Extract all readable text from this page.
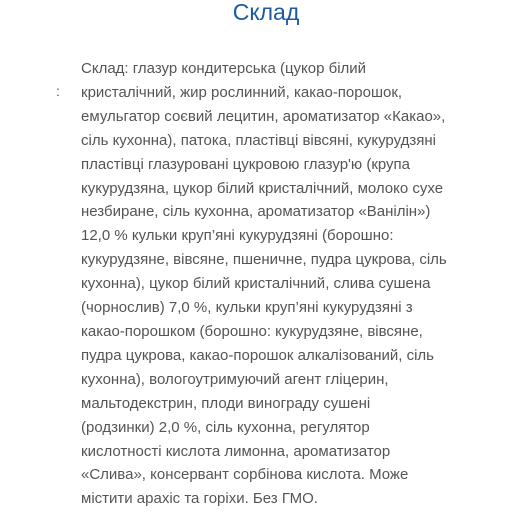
Склад
:
Склад: глазур кондитерська (цукор білий
кристалічний, жир рослинний, какао-порошок,
емульгатор соєвий лецитин, ароматизатор «Какао»,
сіль кухонна), патока, пластівці вівсяні, кукурудзяні
пластівці глазуровані цукровою глазур'ю (крупа
кукурудзяна, цукор білий кристалічний, молоко сухе
незбиране, сіль кухонна, ароматизатор «Ванілін»)
12,0 % кульки круп’яні кукурудзяні (борошно:
кукурудзяне, вівсяне, пшеничне, пудра цукрова, сіль
кухонна), цукор білий кристалічний, слива сушена
(чорнослив) 7,0 %, кульки круп’яні кукурудзяні з
какао-порошком (борошно: кукурудзяне, вівсяне,
пудра цукрова, какао-порошок алкалізований, сіль
кухонна), вологоутримуючий агент гліцерин,
мальтодекстрин, плоди винограду сушені
(родзинки) 2,0 %, сіль кухонна, регулятор
кислотності кислота лимонна, ароматизатор
«Слива», консервант сорбінова кислота. Може
містити арахіс та горіхи. Без ГМО.
